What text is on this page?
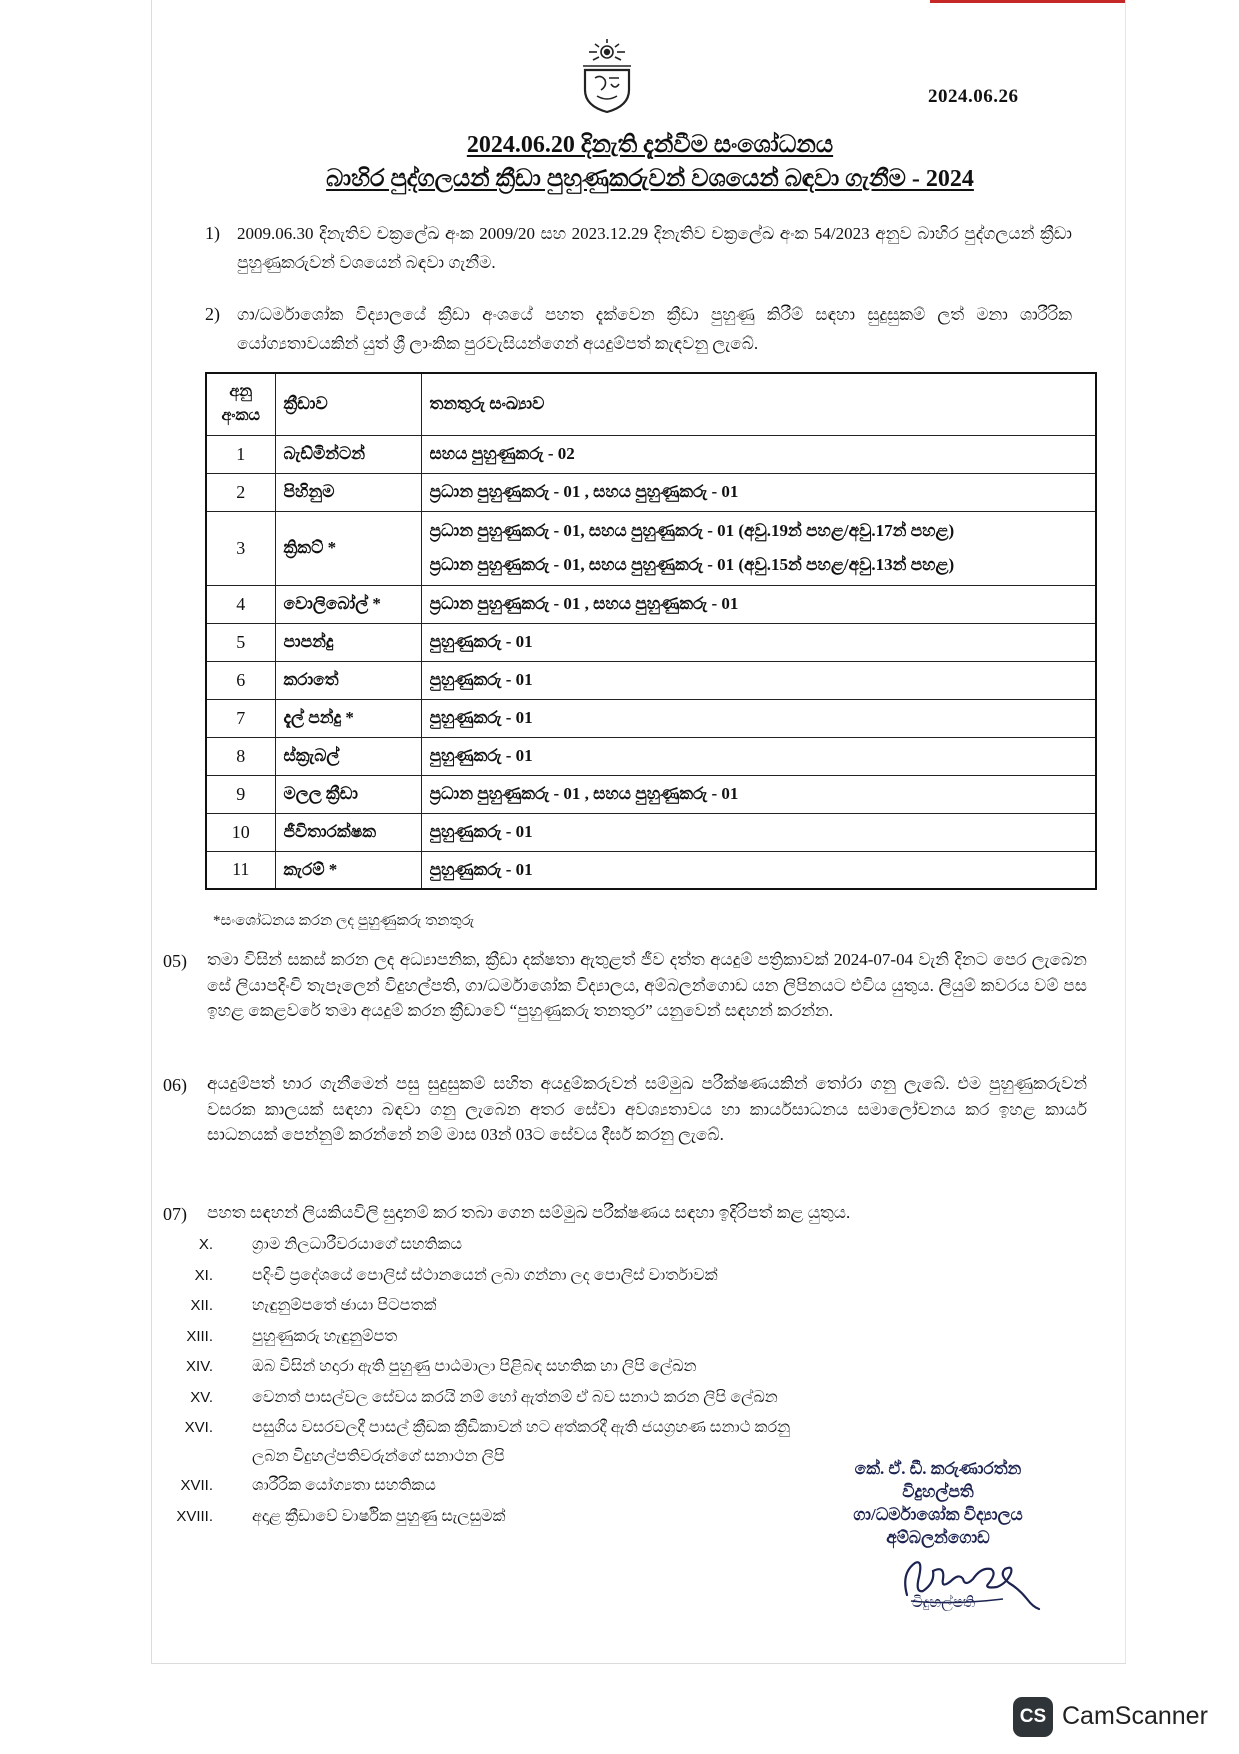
2024.06.26
2024.06.20 දිනැති දැන්වීම සංශෝධනය
බාහිර පුද්ගලයන් ක්‍රීඩා පුහුණුකරුවන් වශයෙන් බඳවා ගැනීම - 2024
1) 2009.06.30 දිනැතිව චක්‍රලේඛ අංක 2009/20 සහ 2023.12.29 දිනැතිව චක්‍රලේඛ අංක 54/2023 අනුව බාහිර පුද්ගලයන් ක්‍රීඩා පුහුණුකරුවන් වශයෙන් බඳවා ගැනීම.
2) ගා/ධර්මාශෝක විද්‍යාලයේ ක්‍රීඩා අංශයේ පහත දැක්වෙන ක්‍රීඩා පුහුණු කිරීම් සඳහා සුදුසුකම් ලත් මනා ශාරීරික යෝග්‍යතාවයකින් යුත් ශ්‍රී ලාංකික පුරවැසියන්ගෙන් අයදුම්පත් කැඳවනු ලැබේ.
අනු
අංකය	ක්‍රීඩාව	තනතුරු සංඛ්‍යාව
1	බැඩ්මින්ටන්	සහය පුහුණුකරු - 02

2	පිහිනුම	ප්‍රධාන පුහුණුකරු - 01 , සහය පුහුණුකරු - 01

3	ක්‍රිකට් *	ප්‍රධාන පුහුණුකරු - 01, සහය පුහුණුකරු - 01 (අවු.19න් පහළ/අවු.17න් පහළ)
ප්‍රධාන පුහුණුකරු - 01, සහය පුහුණුකරු - 01 (අවු.15න් පහළ/අවු.13න් පහළ)

4	වොලිබෝල් *	ප්‍රධාන පුහුණුකරු - 01 , සහය පුහුණුකරු - 01

5	පාපන්දු	පුහුණුකරු - 01

6	කරාතේ	පුහුණුකරු - 01

7	දැල් පන්දු *	පුහුණුකරු - 01

8	ස්ක්‍රැබල්	පුහුණුකරු - 01

9	මලල ක්‍රීඩා	ප්‍රධාන පුහුණුකරු - 01 , සහය පුහුණුකරු - 01

10	ජීවිතාරක්ෂක	පුහුණුකරු - 01

11	කැරම් *	පුහුණුකරු - 01
*සංශෝධනය කරන ලද පුහුණුකරු තනතුරු
05) තමා විසින් සකස් කරන ලද අධ්‍යාපනික, ක්‍රීඩා දක්ෂතා ඇතුළත් ජීව දත්ත අයදුම් පත්‍රිකාවක් 2024-07-04 වැනි දිනට පෙර ලැබෙන සේ ලියාපදිංචි තැපෑලෙන් විදුහල්පති, ගා/ධර්මාශෝක විද්‍යාලය, අම්බලන්ගොඩ යන ලිපිනයට එවිය යුතුය. ලියුම් කවරය වම් පස ඉහළ කෙළවරේ තමා අයදුම් කරන ක්‍රීඩාවේ “පුහුණුකරු තනතුර” යනුවෙන් සඳහන් කරන්න.
06) අයදුම්පත් භාර ගැනීමෙන් පසු සුදුසුකම් සහිත අයදුම්කරුවන් සම්මුඛ පරීක්ෂණයකින් තෝරා ගනු ලැබේ. එම පුහුණුකරුවන් වසරක කාලයක් සඳහා බඳවා ගනු ලැබෙන අතර සේවා අවශ්‍යතාවය හා කාර්යසාධනය සමාලෝචනය කර ඉහළ කාර්ය සාධනයක් පෙන්නුම් කරන්නේ නම් මාස 03න් 03ට සේවය දීර්ඝ කරනු ලැබේ.
07) පහත සඳහන් ලියකියවිලි සුදානම් කර තබා ගෙන සම්මුඛ පරීක්ෂණය සඳහා ඉදිරිපත් කළ යුතුය.
X. ග්‍රාම නිලධාරීවරයාගේ සහතිකය
XI. පදිංචි ප්‍රදේශයේ පොලිස් ස්ථානයෙන් ලබා ගන්නා ලද පොලිස් වාර්තාවක්
XII. හැඳුනුම්පතේ ඡායා පිටපතක්
XIII. පුහුණුකරු හැඳුනුම්පත
XIV. ඔබ විසින් හදාරා ඇති පුහුණු පාඨමාලා පිළිබඳ සහතික හා ලිපි ලේඛන
XV. වෙනත් පාසල්වල සේවය කරයි නම් හෝ ඇත්නම් ඒ බව සනාථ කරන ලිපි ලේඛන
XVI. පසුගිය වසරවලදී පාසල් ක්‍රීඩක ක්‍රීඩිකාවන් හට අත්කරදී ඇති ජයග්‍රහණ සනාථ කරනු ලබන විදුහල්පතිවරුන්ගේ සනාථන ලිපි
XVII. ශාරීරික යෝග්‍යතා සහතිකය
XVIII. අදාළ ක්‍රීඩාවේ වාර්ෂික පුහුණු සැලසුමක්
කේ. ඒ. ඩී. කරුණාරත්න
විදුහල්පති
ගා/ධර්මාශෝක විද්‍යාලය
අම්බලන්ගොඩ
විදුහල්පති
CS CamScanner
